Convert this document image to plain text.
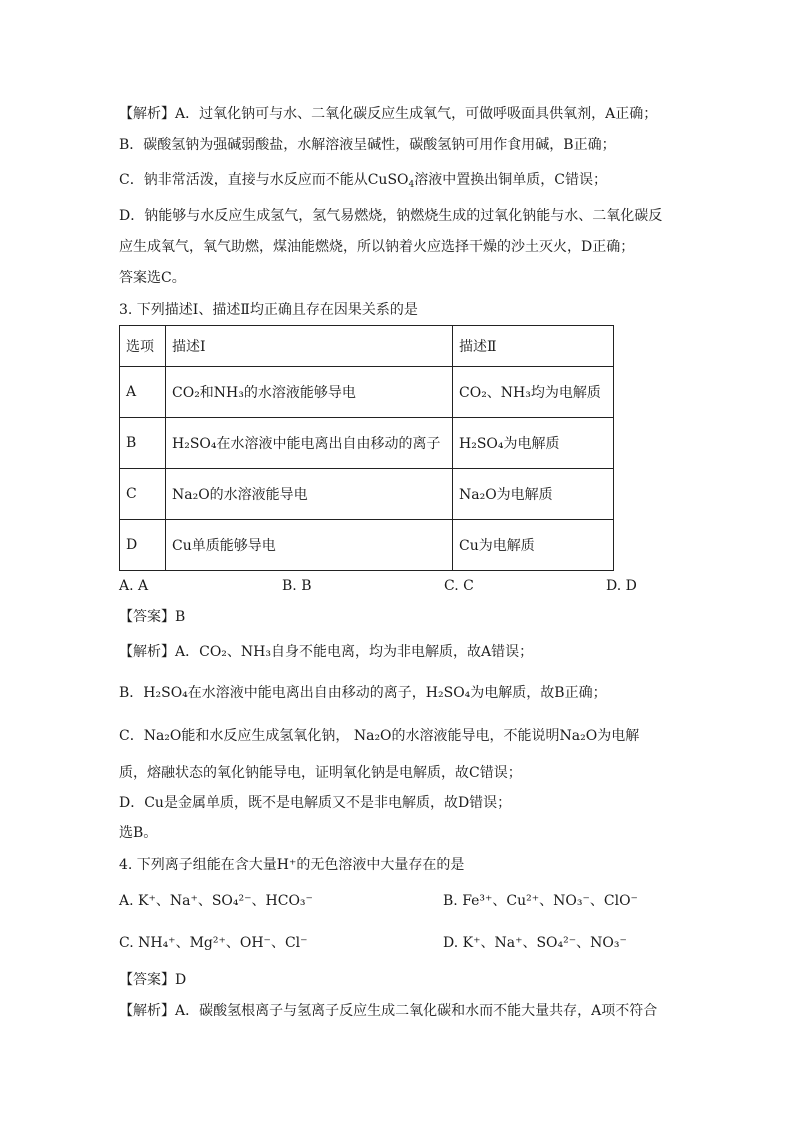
【解析】A．过氧化钠可与水、二氧化碳反应生成氧气，可做呼吸面具供氧剂，A正确；
B．碳酸氢钠为强碱弱酸盐，水解溶液呈碱性，碳酸氢钠可用作食用碱，B正确；
C．钠非常活泼，直接与水反应而不能从CuSO$_4$溶液中置换出铜单质，C错误；
D．钠能够与水反应生成氢气，氢气易燃烧，钠燃烧生成的过氧化钠能与水、二氧化碳反
应生成氧气，氧气助燃，煤油能燃烧，所以钠着火应选择干燥的沙土灭火，D正确；
答案选C。
3. 下列描述Ⅰ、描述Ⅱ均正确且存在因果关系的是
选项	描述Ⅰ	描述Ⅱ
A	CO₂和NH₃的水溶液能够导电	CO₂、NH₃均为电解质
B	H₂SO₄在水溶液中能电离出自由移动的离子	H₂SO₄为电解质
C	Na₂O的水溶液能导电	Na₂O为电解质
D	Cu单质能够导电	Cu为电解质
A. A	B. B	C. C	D. D
【答案】B
【解析】A．CO₂、NH₃自身不能电离，均为非电解质，故A错误；
B．H₂SO₄在水溶液中能电离出自由移动的离子，H₂SO₄为电解质，故B正确；
C．Na₂O能和水反应生成氢氧化钠， Na₂O的水溶液能导电，不能说明Na₂O为电解
质，熔融状态的氧化钠能导电，证明氧化钠是电解质，故C错误；
D．Cu是金属单质，既不是电解质又不是非电解质，故D错误；
选B。
4. 下列离子组能在含大量H⁺的无色溶液中大量存在的是
A. K⁺、Na⁺、SO₄²⁻、HCO₃⁻	B. Fe³⁺、Cu²⁺、NO₃⁻、ClO⁻
C. NH₄⁺、Mg²⁺、OH⁻、Cl⁻	D. K⁺、Na⁺、SO₄²⁻、NO₃⁻
【答案】D
【解析】A．碳酸氢根离子与氢离子反应生成二氧化碳和水而不能大量共存，A项不符合
